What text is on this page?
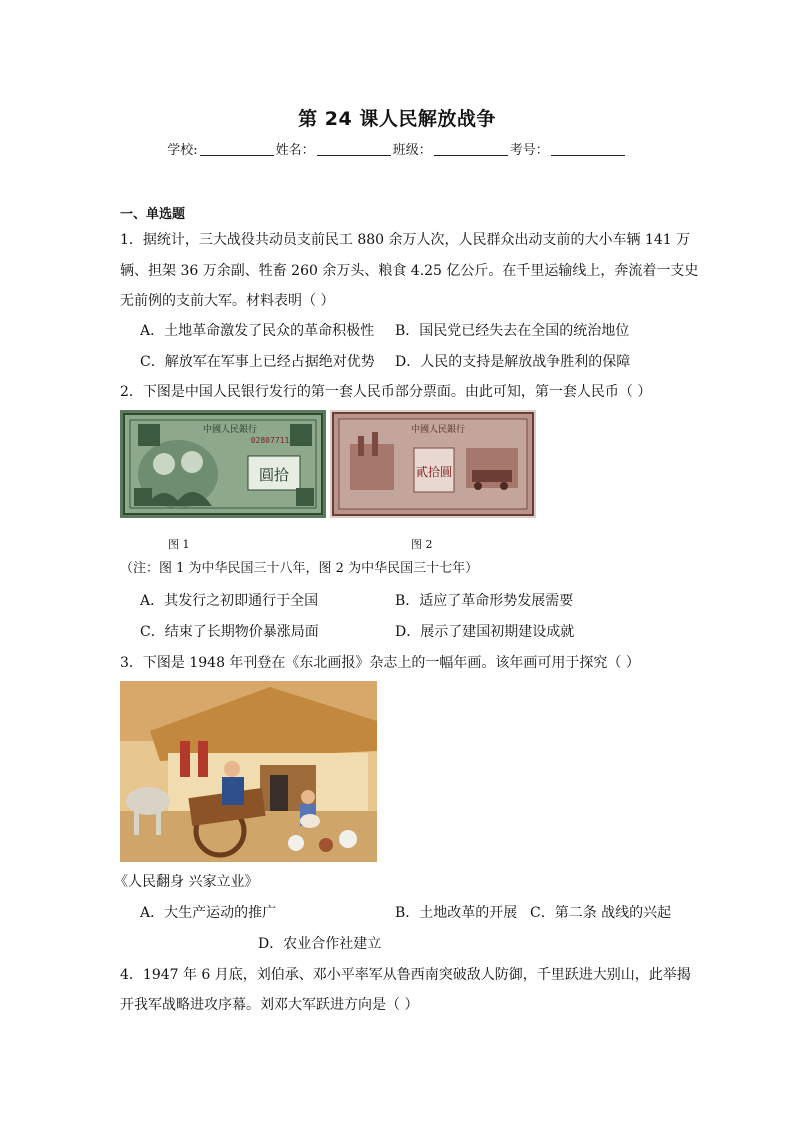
第 24 课人民解放战争
学校:	姓名：	班级：	考号：
一、单选题
1．据统计，三大战役共动员支前民工 880 余万人次，人民群众出动支前的大小车辆 141 万
辆、担架 36 万余副、牲畜 260 余万头、粮食 4.25 亿公斤。在千里运输线上，奔流着一支史
无前例的支前大军。材料表明（ ）
A．土地革命激发了民众的革命积极性 B．国民党已经失去在全国的统治地位
C．解放军在军事上已经占据绝对优势 D．人民的支持是解放战争胜利的保障
2．下图是中国人民银行发行的第一套人民币部分票面。由此可知，第一套人民币（ ）
中國人民銀行
02807711
圓拾
中國人民銀行
貳拾圓
图 1	图 2
（注：图 1 为中华民国三十八年，图 2 为中华民国三十七年）
A．其发行之初即通行于全国	B．适应了革命形势发展需要
C．结束了长期物价暴涨局面	D．展示了建国初期建设成就
3．下图是 1948 年刊登在《东北画报》杂志上的一幅年画。该年画可用于探究（ ）
《人民翻身 兴家立业》
A．大生产运动的推广	B．土地改革的开展 C．第二条 战线的兴起
D．农业合作社建立
4．1947 年 6 月底，刘伯承、邓小平率军从鲁西南突破敌人防御，千里跃进大别山，此举揭
开我军战略进攻序幕。刘邓大军跃进方向是（ ）
